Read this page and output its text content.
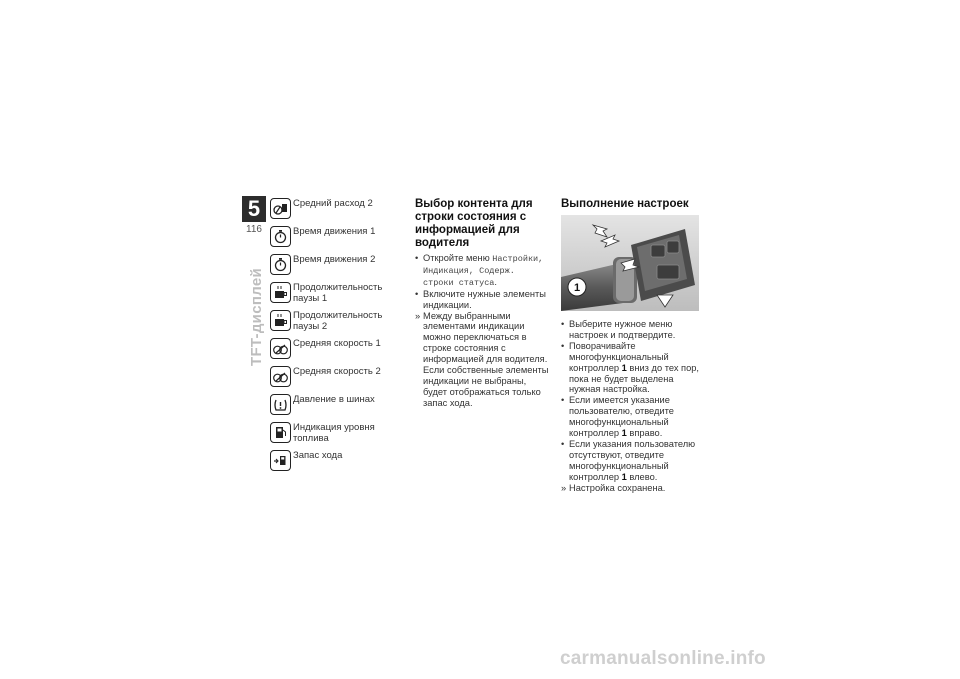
5
116
TFT-дисплей
Средний расход 2
Время движения 1
Время движения 2
Продолжительность паузы 1
Продолжительность паузы 2
Средняя скорость 1
Средняя скорость 2
Давление в шинах
Индикация уровня топлива
Запас хода
Выбор контента для строки состояния с информацией для водителя
• Откройте меню Настройки, Индикация, Содерж. строки статуса.
• Включите нужные элементы индикации.
» Между выбранными элементами индикации можно переключаться в строке состояния с информацией для водителя. Если собственные элементы индикации не выбраны, будет отображаться только запас хода.
Выполнение настроек
1
• Выберите нужное меню настроек и подтвердите.
• Поворачивайте многофункциональный контроллер 1 вниз до тех пор, пока не будет выделена нужная настройка.
• Если имеется указание пользователю, отведите многофункциональный контроллер 1 вправо.
• Если указания пользователю отсутствуют, отведите многофункциональный контроллер 1 влево.
» Настройка сохранена.
carmanualsonline.info
